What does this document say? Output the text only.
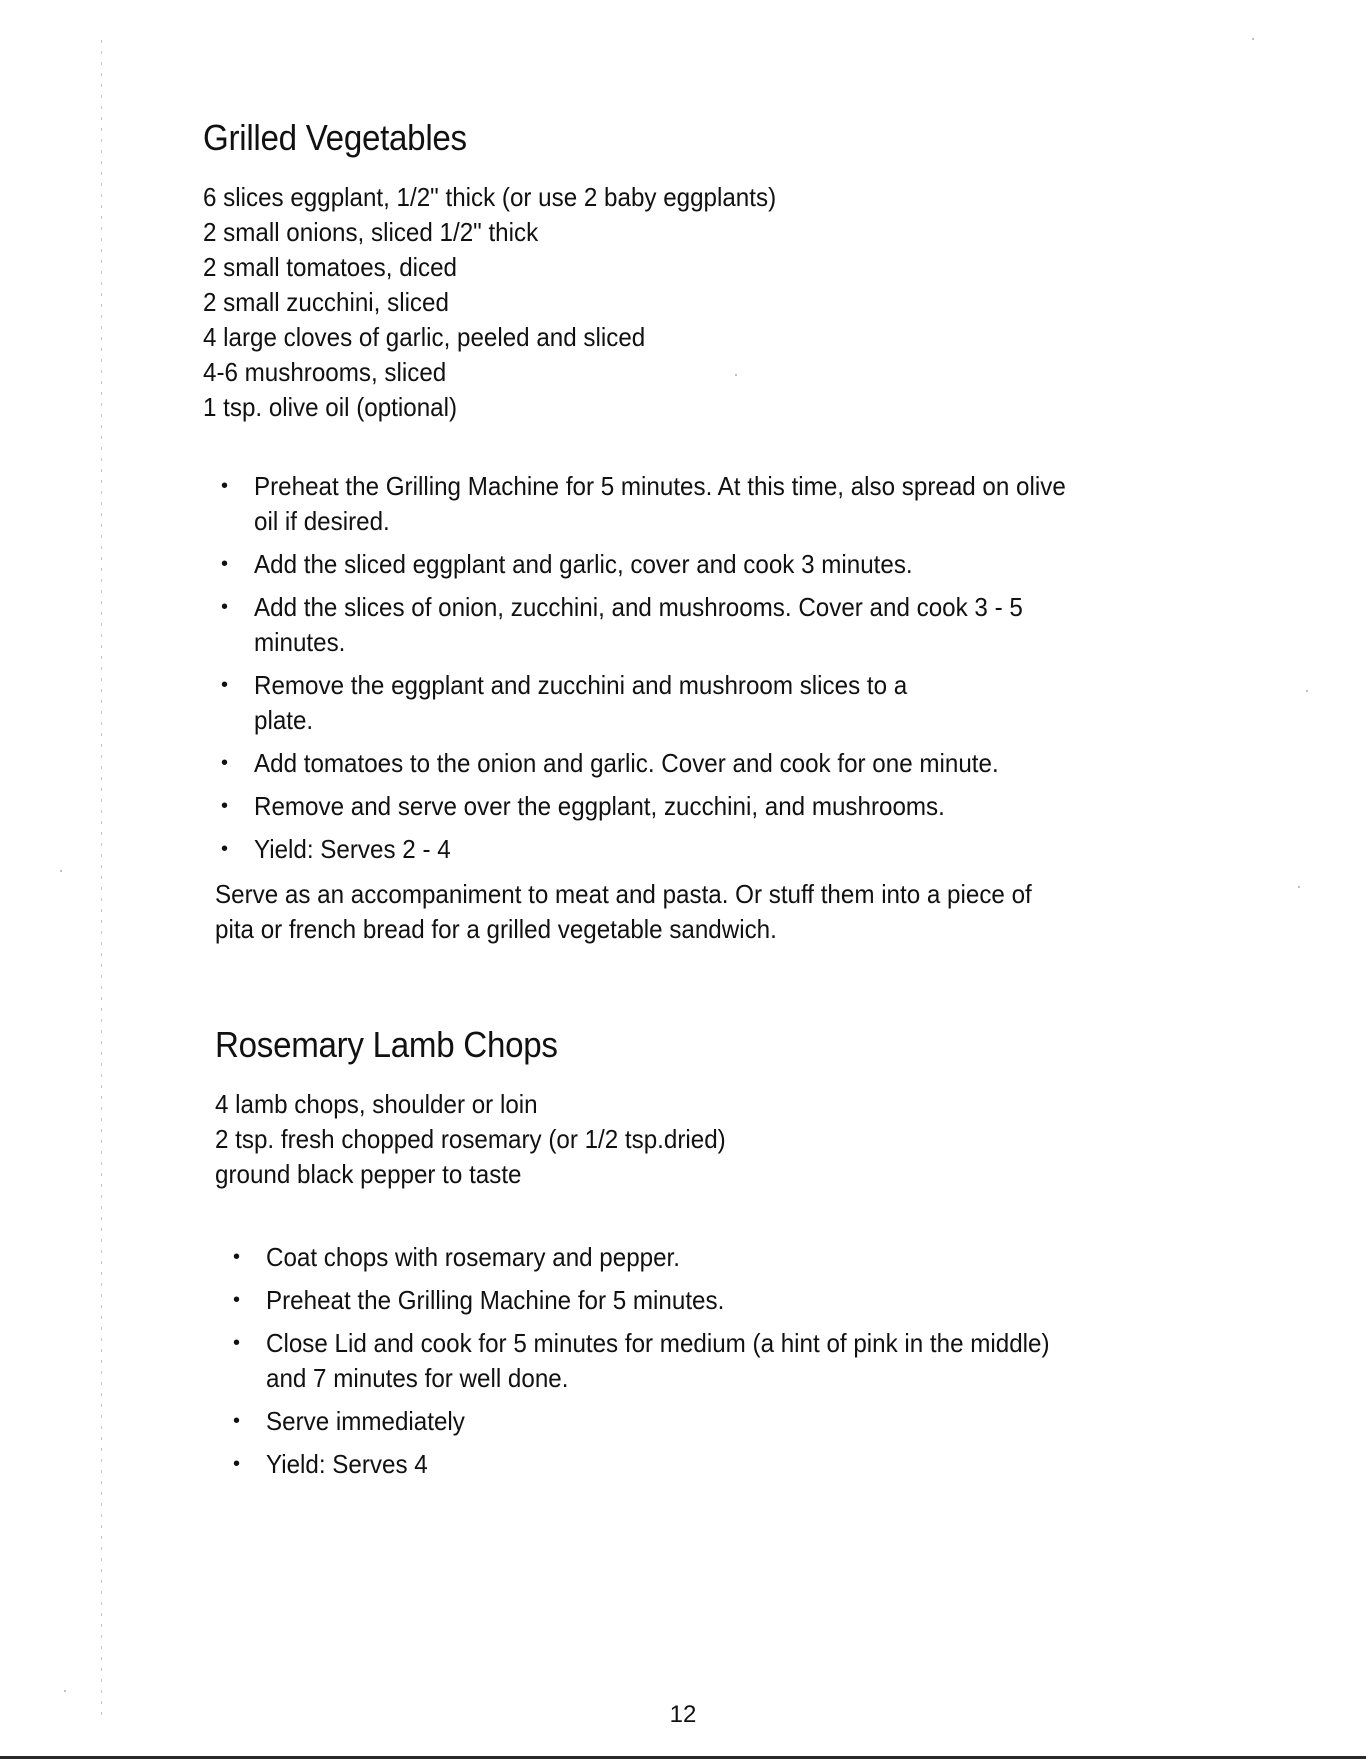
Grilled Vegetables
6 slices eggplant, 1/2" thick (or use 2 baby eggplants)
2 small onions, sliced 1/2" thick
2 small tomatoes, diced
2 small zucchini, sliced
4 large cloves of garlic, peeled and sliced
4-6 mushrooms, sliced
1 tsp. olive oil (optional)
• Preheat the Grilling Machine for 5 minutes. At this time, also spread on olive oil if desired.
• Add the sliced eggplant and garlic, cover and cook 3 minutes.
• Add the slices of onion, zucchini, and mushrooms. Cover and cook 3 - 5 minutes.
• Remove the eggplant and zucchini and mushroom slices to a plate.
• Add tomatoes to the onion and garlic. Cover and cook for one minute.
• Remove and serve over the eggplant, zucchini, and mushrooms.
• Yield: Serves 2 - 4

Serve as an accompaniment to meat and pasta. Or stuff them into a piece of pita or french bread for a grilled vegetable sandwich.

Rosemary Lamb Chops
4 lamb chops, shoulder or loin
2 tsp. fresh chopped rosemary (or 1/2 tsp.dried)
ground black pepper to taste
• Coat chops with rosemary and pepper.
• Preheat the Grilling Machine for 5 minutes.
• Close Lid and cook for 5 minutes for medium (a hint of pink in the middle) and 7 minutes for well done.
• Serve immediately
• Yield: Serves 4
12
